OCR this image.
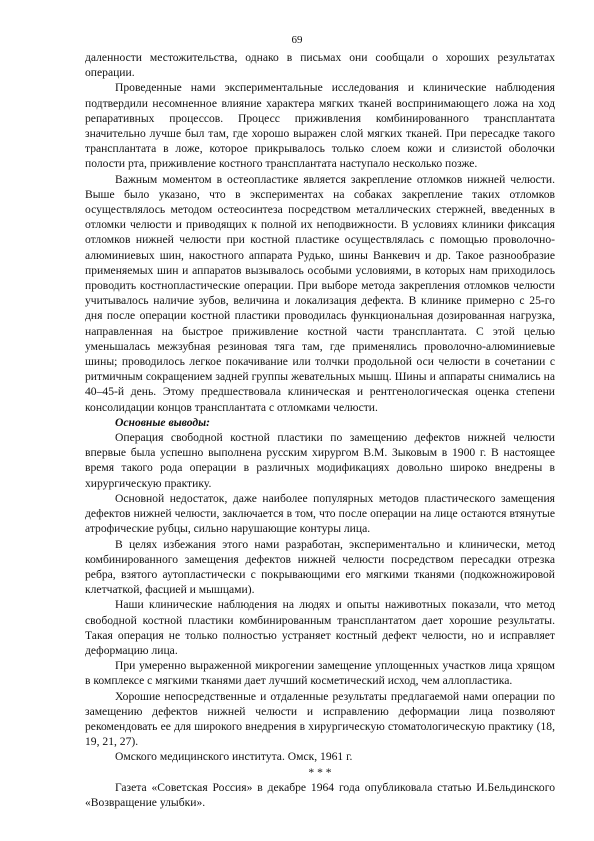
69

даленности местожительства, однако в письмах они сообщали о хороших результатах операции.

Проведенные нами экспериментальные исследования и клинические наблюдения подтвердили несомненное влияние характера мягких тканей воспринимающего ложа на ход репаративных процессов. Процесс приживления комбинированного трансплантата значительно лучше был там, где хорошо выражен слой мягких тканей. При пересадке такого трансплантата в ложе, которое прикрывалось только слоем кожи и слизистой оболочки полости рта, приживление костного трансплантата наступало несколько позже.

Важным моментом в остеопластике является закрепление отломков нижней челюсти. Выше было указано, что в экспериментах на собаках закрепление таких отломков осуществлялось методом остеосинтеза посредством металлических стержней, введенных в отломки челюсти и приводящих к полной их неподвижности. В условиях клиники фиксация отломков нижней челюсти при костной пластике осуществлялась с помощью проволочно-алюминиевых шин, накостного аппарата Рудько, шины Ванкевич и др. Такое разнообразие применяемых шин и аппаратов вызывалось особыми условиями, в которых нам приходилось проводить костнопластические операции. При выборе метода закрепления отломков челюсти учитывалось наличие зубов, величина и локализация дефекта. В клинике примерно с 25-го дня после операции костной пластики проводилась функциональная дозированная нагрузка, направленная на быстрое приживление костной части трансплантата. С этой целью уменьшалась межзубная резиновая тяга там, где применялись проволочно-алюминиевые шины; проводилось легкое покачивание или толчки продольной оси челюсти в сочетании с ритмичным сокращением задней группы жевательных мышц. Шины и аппараты снимались на 40–45-й день. Этому предшествовала клиническая и рентгенологическая оценка степени консолидации концов трансплантата с отломками челюсти.

Основные выводы:

Операция свободной костной пластики по замещению дефектов нижней челюсти впервые была успешно выполнена русским хирургом В.М. Зыковым в 1900 г. В настоящее время такого рода операции в различных модификациях довольно широко внедрены в хирургическую практику.

Основной недостаток, даже наиболее популярных методов пластического замещения дефектов нижней челюсти, заключается в том, что после операции на лице остаются втянутые атрофические рубцы, сильно нарушающие контуры лица.

В целях избежания этого нами разработан, экспериментально и клинически, метод комбинированного замещения дефектов нижней челюсти посредством пересадки отрезка ребра, взятого аутопластически с покрывающими его мягкими тканями (подкожножировой клетчаткой, фасцией и мышцами).

Наши клинические наблюдения на людях и опыты наживотных показали, что метод свободной костной пластики комбинированным трансплантатом дает хорошие результаты. Такая операция не только полностью устраняет костный дефект челюсти, но и исправляет деформацию лица.

При умеренно выраженной микрогении замещение уплощенных участков лица хрящом в комплексе с мягкими тканями дает лучший косметический исход, чем аллопластика.

Хорошие непосредственные и отдаленные результаты предлагаемой нами операции по замещению дефектов нижней челюсти и исправлению деформации лица позволяют рекомендовать ее для широкого внедрения в хирургическую стоматологическую практику (18, 19, 21, 27).

Омского медицинского института. Омск, 1961 г.

* * *

Газета «Советская Россия» в декабре 1964 года опубликовала статью И.Бельдинского «Возвращение улыбки».
